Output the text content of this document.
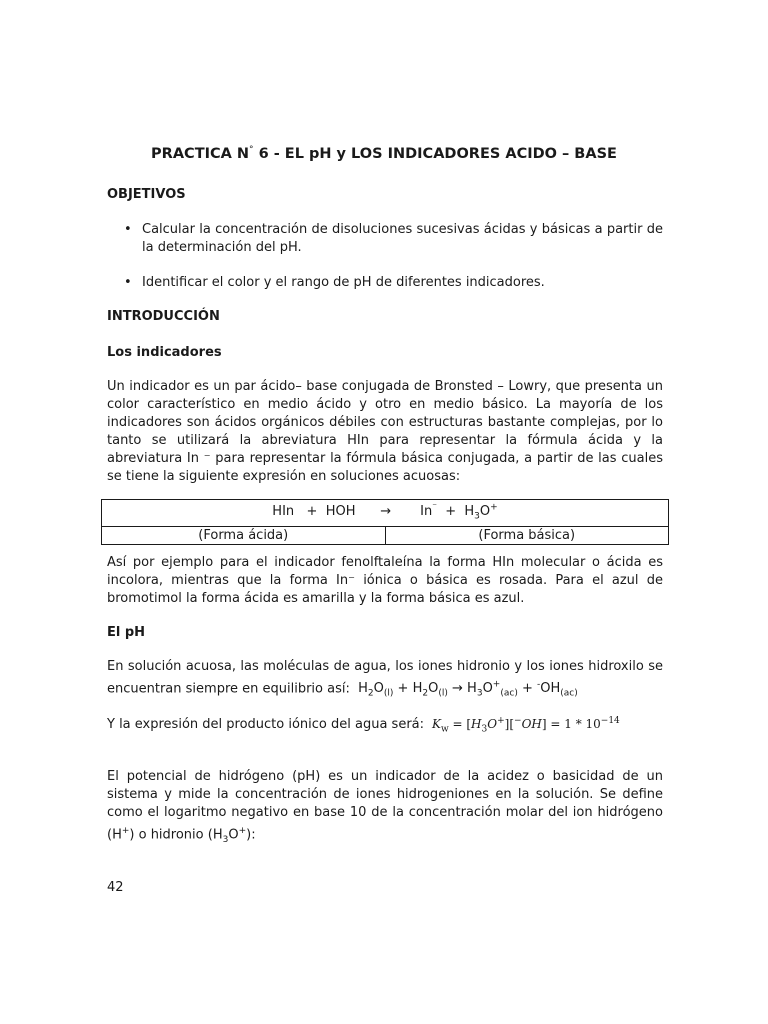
PRACTICA N° 6 - EL pH y LOS INDICADORES ACIDO – BASE
OBJETIVOS
• Calcular la concentración de disoluciones sucesivas ácidas y básicas a partir de la determinación del pH.
• Identificar el color y el rango de pH de diferentes indicadores.
INTRODUCCIÓN
Los indicadores
Un indicador es un par ácido– base conjugada de Bronsted – Lowry, que presenta un color característico en medio ácido y otro en medio básico. La mayoría de los indicadores son ácidos orgánicos débiles con estructuras bastante complejas, por lo tanto se utilizará la abreviatura HIn para representar la fórmula ácida y la abreviatura In ⁻ para representar la fórmula básica conjugada, a partir de las cuales se tiene la siguiente expresión en soluciones acuosas:
HIn   +  HOH → $In^{^-} + H_3O^+$
(Forma ácida)	(Forma básica)
Así por ejemplo para el indicador fenolftaleína la forma HIn molecular o ácida es incolora, mientras que la forma In⁻ iónica o básica es rosada. Para el azul de bromotimol la forma ácida es amarilla y la forma básica es azul.
El pH
En solución acuosa, las moléculas de agua, los iones hidronio y los iones hidroxilo se encuentran siempre en equilibrio así: $H_2O_{(l)} + H_2O_{(l)} \to H_3O^+_{(ac)} + ^-OH_{(ac)}$
Y la expresión del producto iónico del agua será: $K_w = [H_3O^+][^-OH] = 1 * 10^{-14}$
El potencial de hidrógeno (pH) es un indicador de la acidez o basicidad de un sistema y mide la concentración de iones hidrogeniones en la solución. Se define como el logaritmo negativo en base 10 de la concentración molar del ion hidrógeno (H+) o hidronio $(H_3O^+)$:
42
